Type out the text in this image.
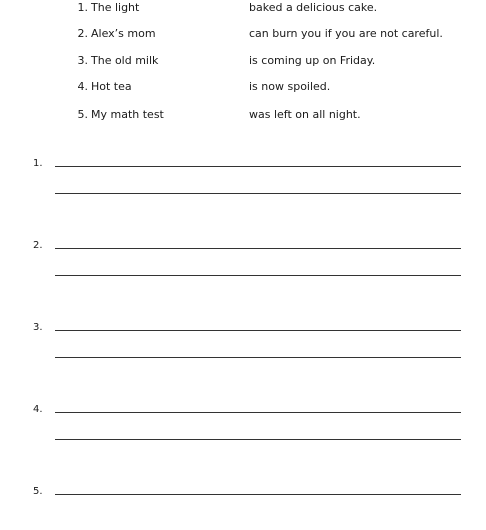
1. The light	baked a delicious cake.
2. Alex’s mom	can burn you if you are not careful.
3. The old milk	is coming up on Friday.
4. Hot tea	is now spoiled.
5. My math test	was left on all night.
1.
2.
3.
4.
5.
